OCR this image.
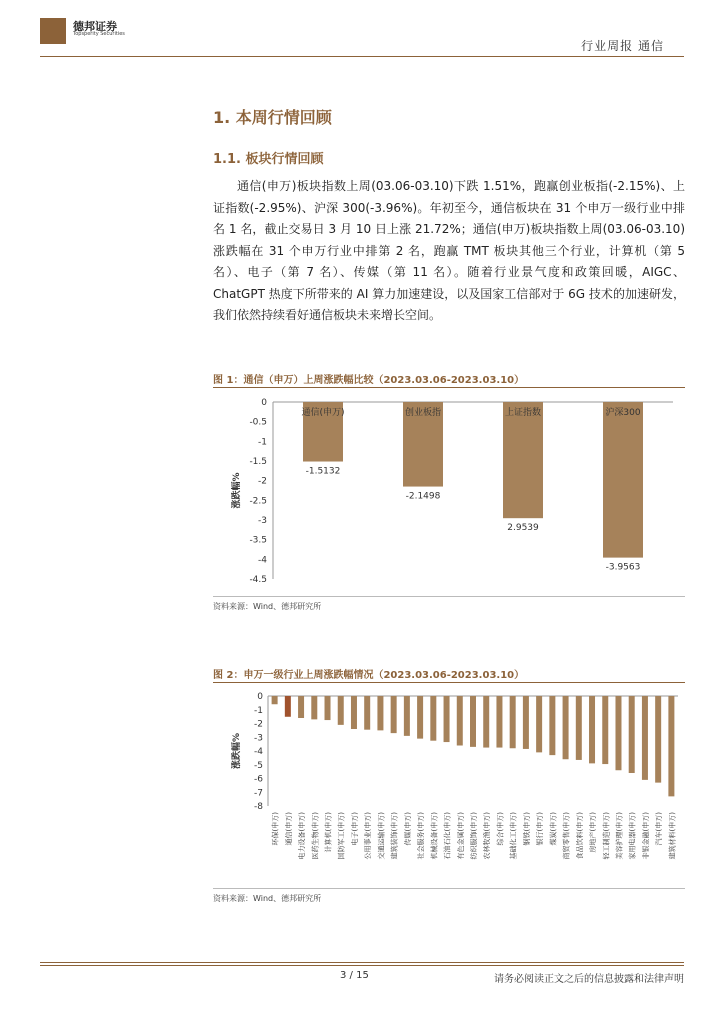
德邦证券
Topsperity Securities
行业周报 通信
1. 本周行情回顾
1.1. 板块行情回顾
通信(申万)板块指数上周(03.06-03.10)下跌 1.51%，跑赢创业板指(-2.15%)、上证指数(-2.95%)、沪深 300(-3.96%)。年初至今，通信板块在 31 个申万一级行业中排名 1 名，截止交易日 3 月 10 日上涨 21.72%；通信(申万)板块指数上周(03.06-03.10)涨跌幅在 31 个申万行业中排第 2 名，跑赢 TMT 板块其他三个行业，计算机（第 5 名）、电子（第 7 名）、传媒（第 11 名）。随着行业景气度和政策回暖，AIGC、ChatGPT 热度下所带来的 AI 算力加速建设，以及国家工信部对于 6G 技术的加速研发，我们依然持续看好通信板块未来增长空间。
图 1：通信（申万）上周涨跌幅比较（2023.03.06-2023.03.10）
0
-0.5
-1
-1.5
-2
-2.5
-3
-3.5
-4
-4.5
涨跌幅%
通信(申万)
-1.5132
创业板指
-2.1498
上证指数
2.9539
沪深300
-3.9563
资料来源：Wind、德邦研究所
图 2：申万一级行业上周涨跌幅情况（2023.03.06-2023.03.10）
0
-1
-2
-3
-4
-5
-6
-7
-8
涨跌幅%
环保(申万) 通信(申万) 电力设备(申万) 医药生物(申万) 计算机(申万) 国防军工(申万) 电子(申万) 公用事业(申万) 交通运输(申万) 建筑装饰(申万) 传媒(申万) 社会服务(申万) 机械设备(申万) 石油石化(申万) 有色金属(申万) 纺织服饰(申万) 农林牧渔(申万) 综合(申万) 基础化工(申万) 钢铁(申万) 银行(申万) 煤炭(申万) 商贸零售(申万) 食品饮料(申万) 房地产(申万) 轻工制造(申万) 美容护理(申万) 家用电器(申万) 非银金融(申万) 汽车(申万) 建筑材料(申万)
资料来源：Wind、德邦研究所
3 / 15	请务必阅读正文之后的信息披露和法律声明
